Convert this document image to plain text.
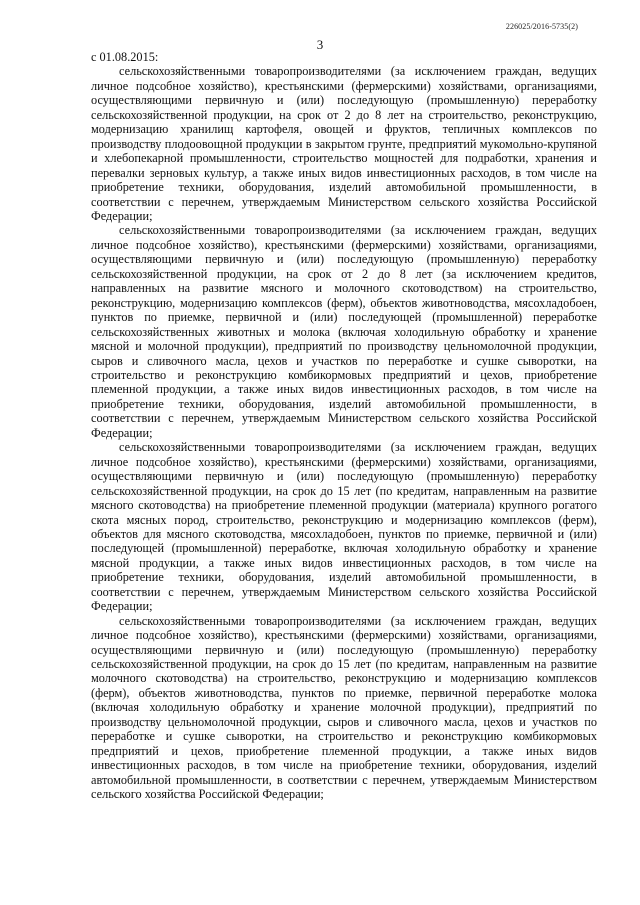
226025/2016-5735(2)
3

с 01.08.2015:

сельскохозяйственными товаропроизводителями (за исключением граждан, ведущих личное подсобное хозяйство), крестьянскими (фермерскими) хозяйствами, организациями, осуществляющими первичную и (или) последующую (промышленную) переработку сельскохозяйственной продукции, на срок от 2 до 8 лет на строительство, реконструкцию, модернизацию хранилищ картофеля, овощей и фруктов, тепличных комплексов по производству плодоовощной продукции в закрытом грунте, предприятий мукомольно-крупяной и хлебопекарной промышленности, строительство мощностей для подработки, хранения и перевалки зерновых культур, а также иных видов инвестиционных расходов, в том числе на приобретение техники, оборудования, изделий автомобильной промышленности, в соответствии с перечнем, утверждаемым Министерством сельского хозяйства Российской Федерации;

сельскохозяйственными товаропроизводителями (за исключением граждан, ведущих личное подсобное хозяйство), крестьянскими (фермерскими) хозяйствами, организациями, осуществляющими первичную и (или) последующую (промышленную) переработку сельскохозяйственной продукции, на срок от 2 до 8 лет (за исключением кредитов, направленных на развитие мясного и молочного скотоводством) на строительство, реконструкцию, модернизацию комплексов (ферм), объектов животноводства, мясохладобоен, пунктов по приемке, первичной и (или) последующей (промышленной) переработке сельскохозяйственных животных и молока (включая холодильную обработку и хранение мясной и молочной продукции), предприятий по производству цельномолочной продукции, сыров и сливочного масла, цехов и участков по переработке и сушке сыворотки, на строительство и реконструкцию комбикормовых предприятий и цехов, приобретение племенной продукции, а также иных видов инвестиционных расходов, в том числе на приобретение техники, оборудования, изделий автомобильной промышленности, в соответствии с перечнем, утверждаемым Министерством сельского хозяйства Российской Федерации;

сельскохозяйственными товаропроизводителями (за исключением граждан, ведущих личное подсобное хозяйство), крестьянскими (фермерскими) хозяйствами, организациями, осуществляющими первичную и (или) последующую (промышленную) переработку сельскохозяйственной продукции, на срок до 15 лет (по кредитам, направленным на развитие мясного скотоводства) на приобретение племенной продукции (материала) крупного рогатого скота мясных пород, строительство, реконструкцию и модернизацию комплексов (ферм), объектов для мясного скотоводства, мясохладобоен, пунктов по приемке, первичной и (или) последующей (промышленной) переработке, включая холодильную обработку и хранение мясной продукции, а также иных видов инвестиционных расходов, в том числе на приобретение техники, оборудования, изделий автомобильной промышленности, в соответствии с перечнем, утверждаемым Министерством сельского хозяйства Российской Федерации;

сельскохозяйственными товаропроизводителями (за исключением граждан, ведущих личное подсобное хозяйство), крестьянскими (фермерскими) хозяйствами, организациями, осуществляющими первичную и (или) последующую (промышленную) переработку сельскохозяйственной продукции, на срок до 15 лет (по кредитам, направленным на развитие молочного скотоводства) на строительство, реконструкцию и модернизацию комплексов (ферм), объектов животноводства, пунктов по приемке, первичной переработке молока (включая холодильную обработку и хранение молочной продукции), предприятий по производству цельномолочной продукции, сыров и сливочного масла, цехов и участков по переработке и сушке сыворотки, на строительство и реконструкцию комбикормовых предприятий и цехов, приобретение племенной продукции, а также иных видов инвестиционных расходов, в том числе на приобретение техники, оборудования, изделий автомобильной промышленности, в соответствии с перечнем, утверждаемым Министерством сельского хозяйства Российской Федерации;
